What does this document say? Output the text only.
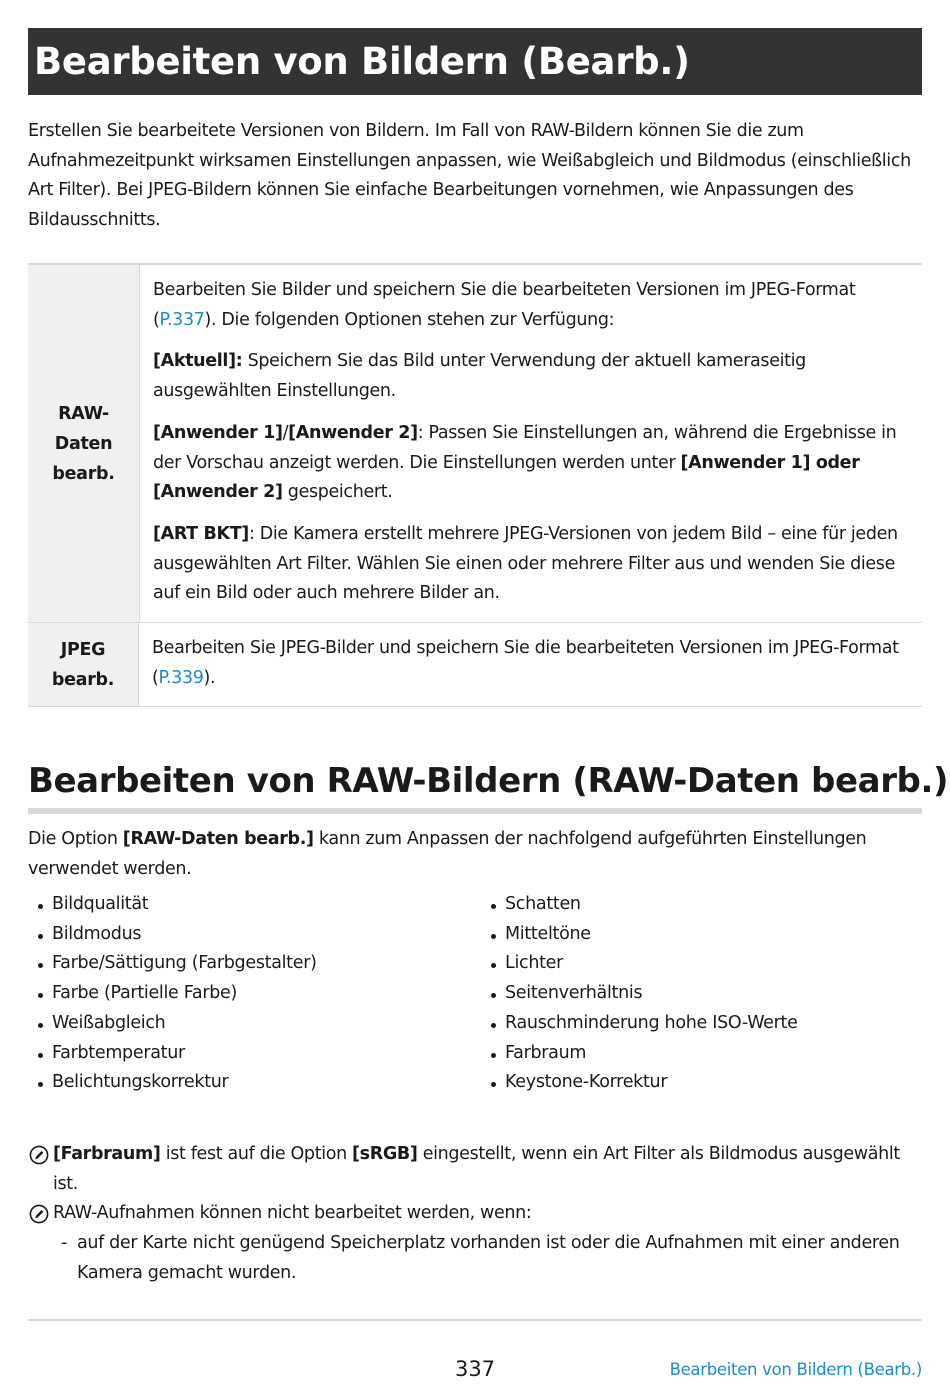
Bearbeiten von Bildern (Bearb.)
Erstellen Sie bearbeitete Versionen von Bildern. Im Fall von RAW-Bildern können Sie die zum Aufnahmezeitpunkt wirksamen Einstellungen anpassen, wie Weißabgleich und Bildmodus (einschließlich Art Filter). Bei JPEG-Bildern können Sie einfache Bearbeitungen vornehmen, wie Anpassungen des Bildausschnitts.
RAW-
Daten
bearb.

Bearbeiten Sie Bilder und speichern Sie die bearbeiteten Versionen im JPEG-Format (P.337). Die folgenden Optionen stehen zur Verfügung:

[Aktuell]: Speichern Sie das Bild unter Verwendung der aktuell kameraseitig ausgewählten Einstellungen.

[Anwender 1]/[Anwender 2]: Passen Sie Einstellungen an, während die Ergebnisse in der Vorschau anzeigt werden. Die Einstellungen werden unter [Anwender 1] oder [Anwender 2] gespeichert.

[ART BKT]: Die Kamera erstellt mehrere JPEG-Versionen von jedem Bild – eine für jeden ausgewählten Art Filter. Wählen Sie einen oder mehrere Filter aus und wenden Sie diese auf ein Bild oder auch mehrere Bilder an.

JPEG
bearb.

Bearbeiten Sie JPEG-Bilder und speichern Sie die bearbeiteten Versionen im JPEG-Format (P.339).

Bearbeiten von RAW-Bildern (RAW-Daten bearb.)
Die Option [RAW-Daten bearb.] kann zum Anpassen der nachfolgend aufgeführten Einstellungen verwendet werden.
Bildqualität
Bildmodus
Farbe/Sättigung (Farbgestalter)
Farbe (Partielle Farbe)
Weißabgleich
Farbtemperatur
Belichtungskorrektur
Schatten
Mitteltöne
Lichter
Seitenverhältnis
Rauschminderung hohe ISO-Werte
Farbraum
Keystone-Korrektur
[Farbraum] ist fest auf die Option [sRGB] eingestellt, wenn ein Art Filter als Bildmodus ausgewählt ist.
RAW-Aufnahmen können nicht bearbeitet werden, wenn:
- auf der Karte nicht genügend Speicherplatz vorhanden ist oder die Aufnahmen mit einer anderen Kamera gemacht wurden.
337	Bearbeiten von Bildern (Bearb.)
